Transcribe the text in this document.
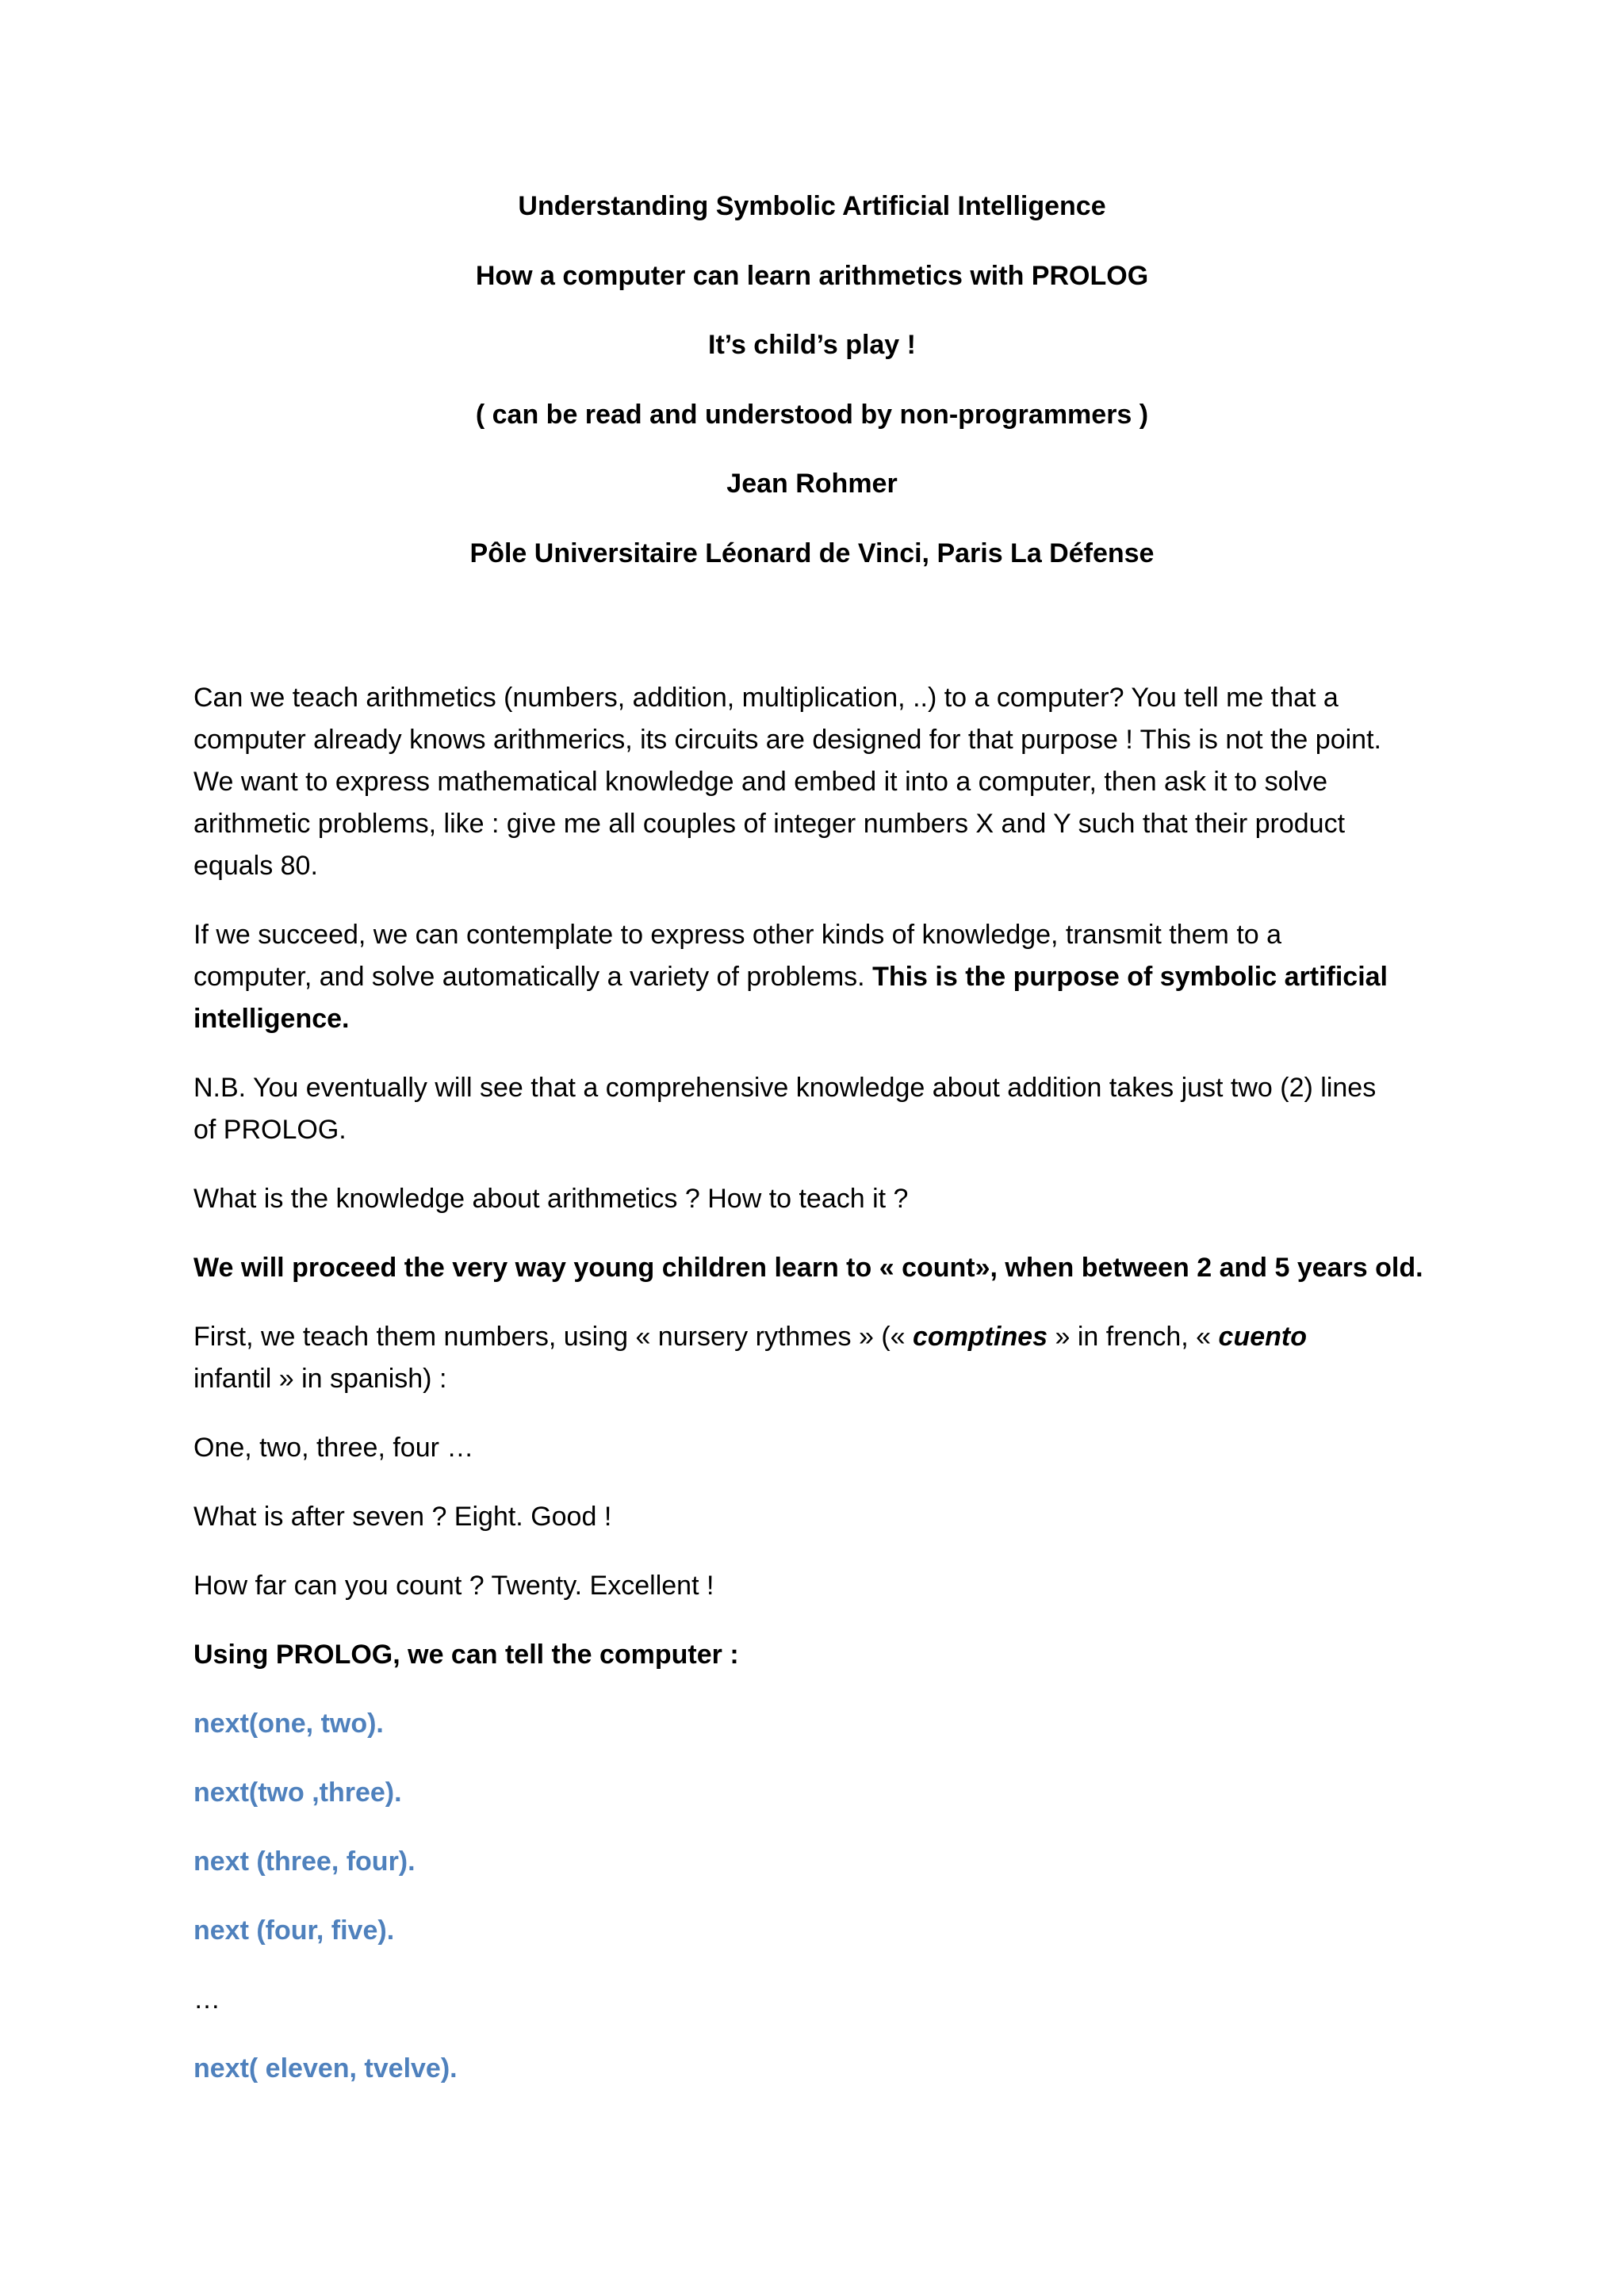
Understanding Symbolic Artificial Intelligence
How a computer can learn arithmetics with PROLOG
It’s child’s play !
( can be read and understood by non-programmers )
Jean Rohmer
Pôle Universitaire Léonard de Vinci, Paris La Défense
Can we teach arithmetics (numbers, addition, multiplication, ..) to a computer? You tell me that a
computer already knows arithmerics, its circuits are designed for that purpose ! This is not the point.
We want to express mathematical knowledge and embed it into a computer, then ask it to solve
arithmetic problems, like : give me all couples of integer numbers X and Y such that their product
equals 80.
If we succeed, we can contemplate to express other kinds of knowledge, transmit them to a
computer, and solve automatically a variety of problems. This is the purpose of symbolic artificial
intelligence.
N.B. You eventually will see that a comprehensive knowledge about addition takes just two (2) lines
of PROLOG.
What is the knowledge about arithmetics ? How to teach it ?
We will proceed the very way young children learn to « count», when between 2 and 5 years old.
First, we teach them numbers, using « nursery rythmes » (« comptines » in french, « cuento
infantil » in spanish) :
One, two, three, four …
What is after seven ? Eight. Good !
How far can you count ? Twenty. Excellent !
Using PROLOG, we can tell the computer :
next(one, two).
next(two ,three).
next (three, four).
next (four, five).
…
next( eleven, tvelve).
